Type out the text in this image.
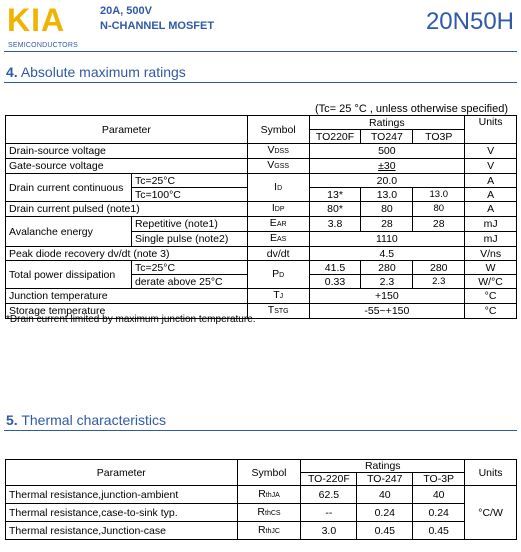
KIA
SEMICONDUCTORS
20A, 500V
N-CHANNEL MOSFET	20N50H
4. Absolute maximum ratings
(Tc= 25 °C , unless otherwise specified)
Parameter		Symbol	Ratings			Units
			TO220F	TO247	TO3P	
Drain-source voltage		VDSS	500			V
Gate-source voltage		VGSS	±30			V
Drain current continuous	Tc=25°C	ID	20.0			A
	Tc=100°C		13*	13.0	13.0	A
Drain current pulsed (note1)		IDP	80*	80	80	A
Avalanche energy	Repetitive (note1)	EAR	3.8	28	28	mJ
	Single pulse (note2)	EAS	1110			mJ
Peak diode recovery dv/dt (note 3)		dv/dt	4.5			V/ns
Total power dissipation	Tc=25°C	PD	41.5	280	280	W
	derate above 25°C		0.33	2.3	2.3	W/°C
Junction temperature		TJ	+150			°C
Storage temperature		TSTG	-55~+150			°C
*Drain current limited by maximum junction temperature.
5. Thermal characteristics
Parameter	Symbol	Ratings			Units
		TO-220F	TO-247	TO-3P	
Thermal resistance,junction-ambient	RthJA	62.5	40	40	°C/W
Thermal resistance,case-to-sink typ.	RthCS	--	0.24	0.24	
Thermal resistance,Junction-case	RthJC	3.0	0.45	0.45	
